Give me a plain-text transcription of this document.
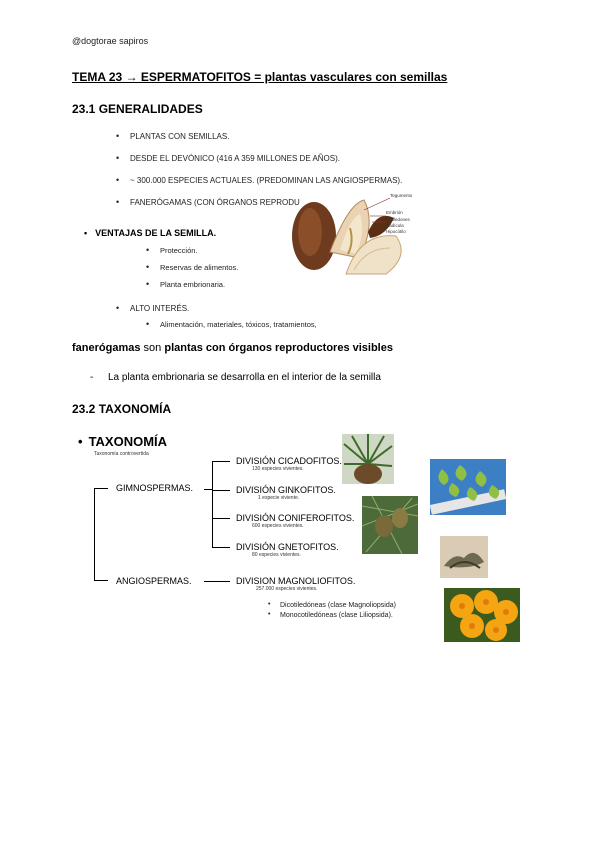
@dogtorae sapiros
TEMA 23 → ESPERMATOFITOS = plantas vasculares con semillas
23.1 GENERALIDADES
• PLANTAS CON SEMILLAS.
• DESDE EL DEVÓNICO (416 A 359 MILLONES DE AÑOS).
• ~ 300.000 ESPECIES ACTUALES. (PREDOMINAN LAS ANGIOSPERMAS).
• FANERÓGAMAS (CON ÓRGANOS REPRODU
Tegumento
Embrión
Cotiledones
Radícula
Hipocótilo
• VENTAJAS DE LA SEMILLA.
• Protección.
• Reservas de alimentos.
• Planta embrionaria.
• ALTO INTERÉS.
• Alimentación, materiales, tóxicos, tratamientos,
fanerógamas son plantas con órganos reproductores visibles
- La planta embrionaria se desarrolla en el interior de la semilla
23.2 TAXONOMÍA
• TAXONOMÍA
Taxonomía controvertida
GIMNOSPERMAS.
ANGIOSPERMAS.
DIVISIÓN CICADOFITOS.
130 especies vivientes.
DIVISIÓN GINKOFITOS.
1 especie viviente.
DIVISIÓN CONIFEROFITOS.
600 especies vivientes.
DIVISIÓN GNETOFITOS.
80 especies vivientes.
DIVISION MAGNOLIOFITOS.
257.000 especies vivientes.
• Dicotiledóneas (clase Magnoliopsida)
• Monocotiledóneas (clase Liliopsida).
